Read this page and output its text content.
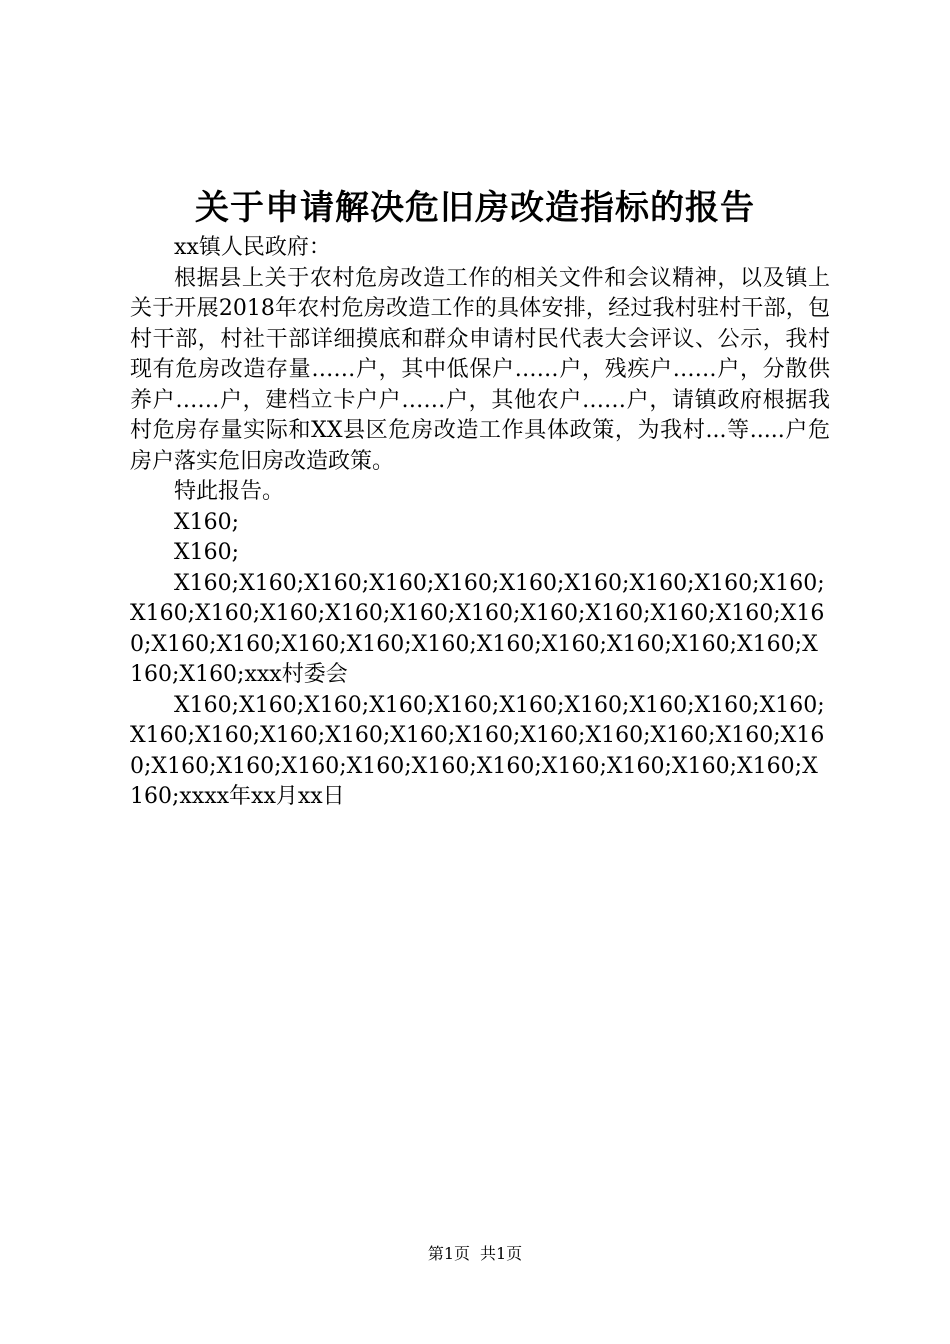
关于申请解决危旧房改造指标的报告

xx镇人民政府：

根据县上关于农村危房改造工作的相关文件和会议精神，以及镇上关于开展2018年农村危房改造工作的具体安排，经过我村驻村干部，包村干部，村社干部详细摸底和群众申请村民代表大会评议、公示，我村现有危房改造存量……户，其中低保户……户，残疾户……户，分散供养户……户，建档立卡户户……户，其他农户……户，请镇政府根据我村危房存量实际和XX县区危房改造工作具体政策，为我村...等.....户危房户落实危旧房改造政策。

特此报告。

X160;

X160;

X160;X160;X160;X160;X160;X160;X160;X160;X160;X160;X160;X160;X160;X160;X160;X160;X160;X160;X160;X160;X160;X160;X160;X160;X160;X160;X160;X160;X160;X160;X160;X160;X160;xxx村委会

X160;X160;X160;X160;X160;X160;X160;X160;X160;X160;X160;X160;X160;X160;X160;X160;X160;X160;X160;X160;X160;X160;X160;X160;X160;X160;X160;X160;X160;X160;X160;X160;xxxx年xx月xx日

第1页 共1页
